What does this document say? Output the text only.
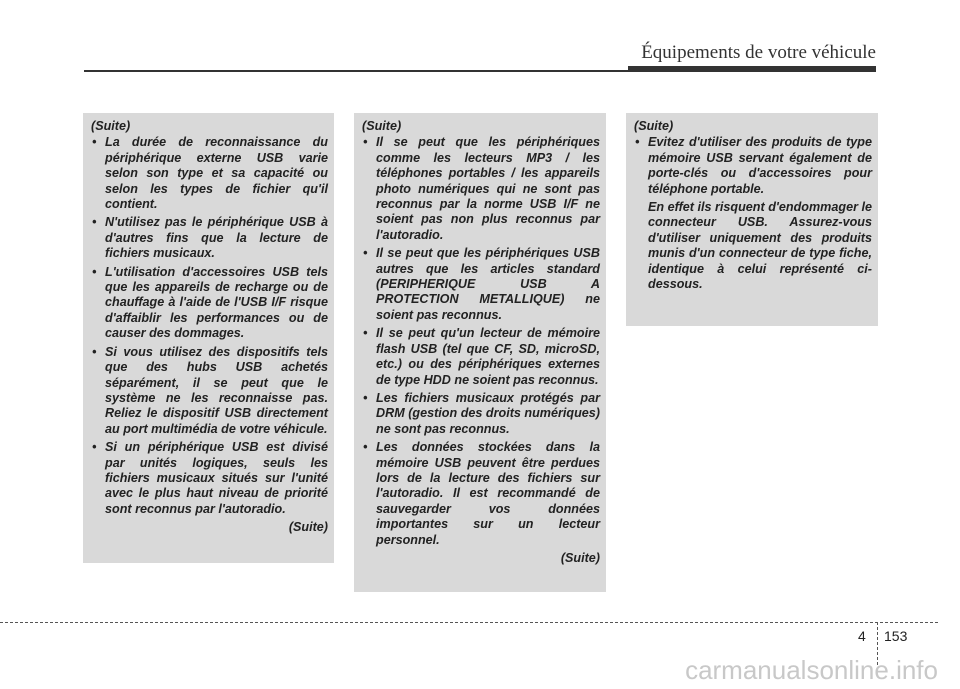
Équipements de votre véhicule
(Suite)
• La durée de reconnaissance du périphérique externe USB varie selon son type et sa capacité ou selon les types de fichier qu'il contient.
• N'utilisez pas le périphérique USB à d'autres fins que la lecture de fichiers musicaux.
• L'utilisation d'accessoires USB tels que les appareils de recharge ou de chauffage à l'aide de l'USB I/F risque d'affaiblir les performances ou de causer des dommages.
• Si vous utilisez des dispositifs tels que des hubs USB achetés séparément, il se peut que le système ne les reconnaisse pas. Reliez le dispositif USB directement au port multimédia de votre véhicule.
• Si un périphérique USB est divisé par unités logiques, seuls les fichiers musicaux situés sur l'unité avec le plus haut niveau de priorité sont reconnus par l'autoradio.
(Suite)
(Suite)
• Il se peut que les périphériques comme les lecteurs MP3 / les téléphones portables / les appareils photo numériques qui ne sont pas reconnus par la norme USB I/F ne soient pas non plus reconnus par l'autoradio.
• Il se peut que les périphériques USB autres que les articles standard (PERIPHERIQUE USB A PROTECTION METALLIQUE) ne soient pas reconnus.
• Il se peut qu'un lecteur de mémoire flash USB (tel que CF, SD, microSD, etc.) ou des périphériques externes de type HDD ne soient pas reconnus.
• Les fichiers musicaux protégés par DRM (gestion des droits numériques) ne sont pas reconnus.
• Les données stockées dans la mémoire USB peuvent être perdues lors de la lecture des fichiers sur l'autoradio. Il est recommandé de sauvegarder vos données importantes sur un lecteur personnel.
(Suite)
(Suite)
• Evitez d'utiliser des produits de type mémoire USB servant également de porte-clés ou d'accessoires pour téléphone portable.
En effet ils risquent d'endommager le connecteur USB. Assurez-vous d'utiliser uniquement des produits munis d'un connecteur de type fiche, identique à celui représenté ci-dessous.
4 153
carmanualsonline.info
